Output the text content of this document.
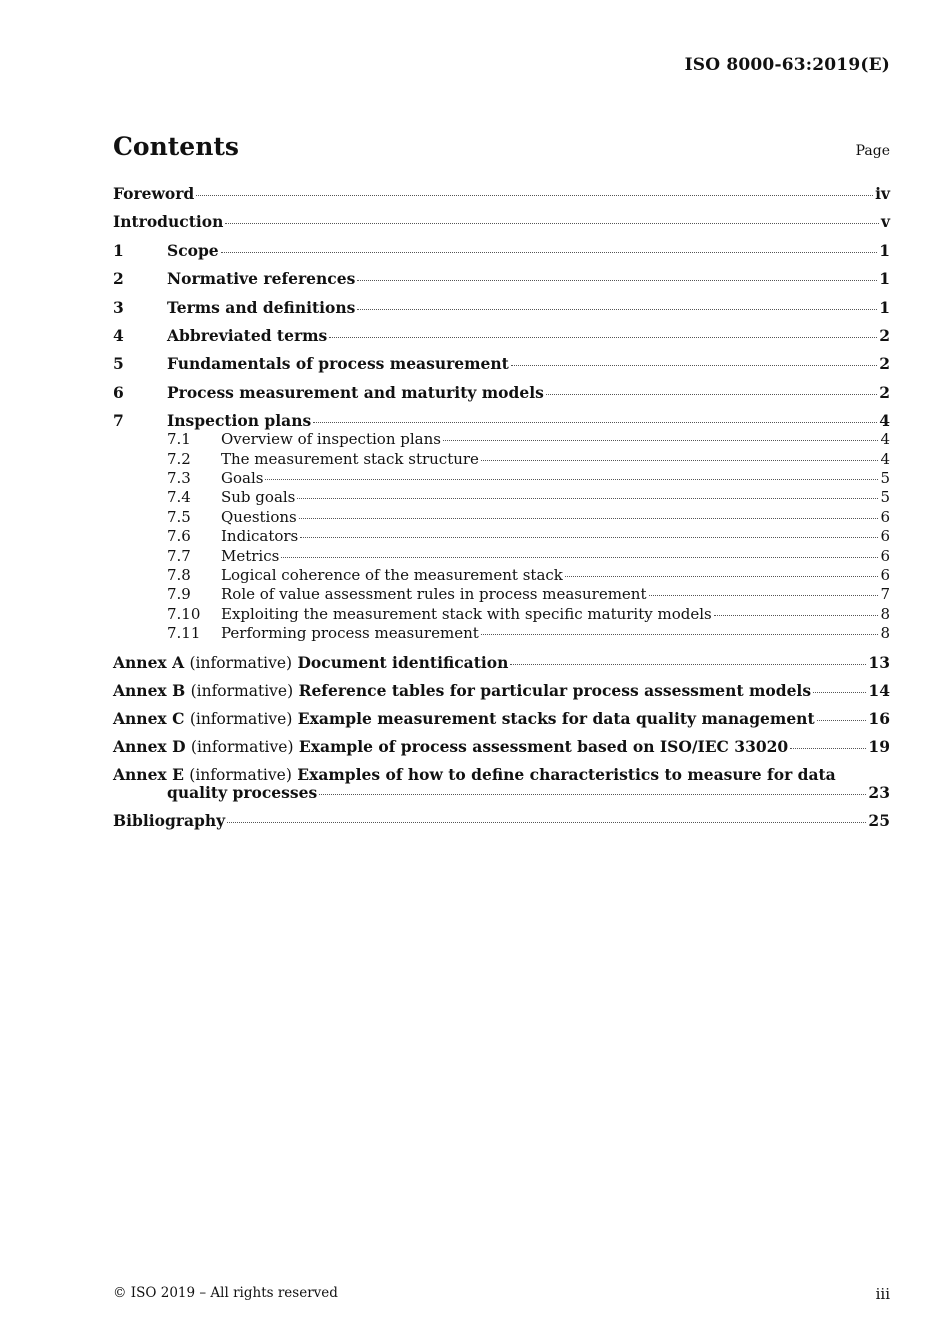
ISO 8000-63:2019(E)
Contents	Page
Foreword	iv
Introduction	v
1	Scope	1
2	Normative references	1
3	Terms and definitions	1
4	Abbreviated terms	2
5	Fundamentals of process measurement	2
6	Process measurement and maturity models	2
7	Inspection plans	4
7.1	Overview of inspection plans	4
7.2	The measurement stack structure	4
7.3	Goals	5
7.4	Sub goals	5
7.5	Questions	6
7.6	Indicators	6
7.7	Metrics	6
7.8	Logical coherence of the measurement stack	6
7.9	Role of value assessment rules in process measurement	7
7.10	Exploiting the measurement stack with specific maturity models	8
7.11	Performing process measurement	8
Annex A (informative) Document identification	13
Annex B (informative) Reference tables for particular process assessment models	14
Annex C (informative) Example measurement stacks for data quality management	16
Annex D (informative) Example of process assessment based on ISO/IEC 33020	19
Annex E (informative) Examples of how to define characteristics to measure for data
quality processes	23
Bibliography	25
© ISO 2019 – All rights reserved	iii
